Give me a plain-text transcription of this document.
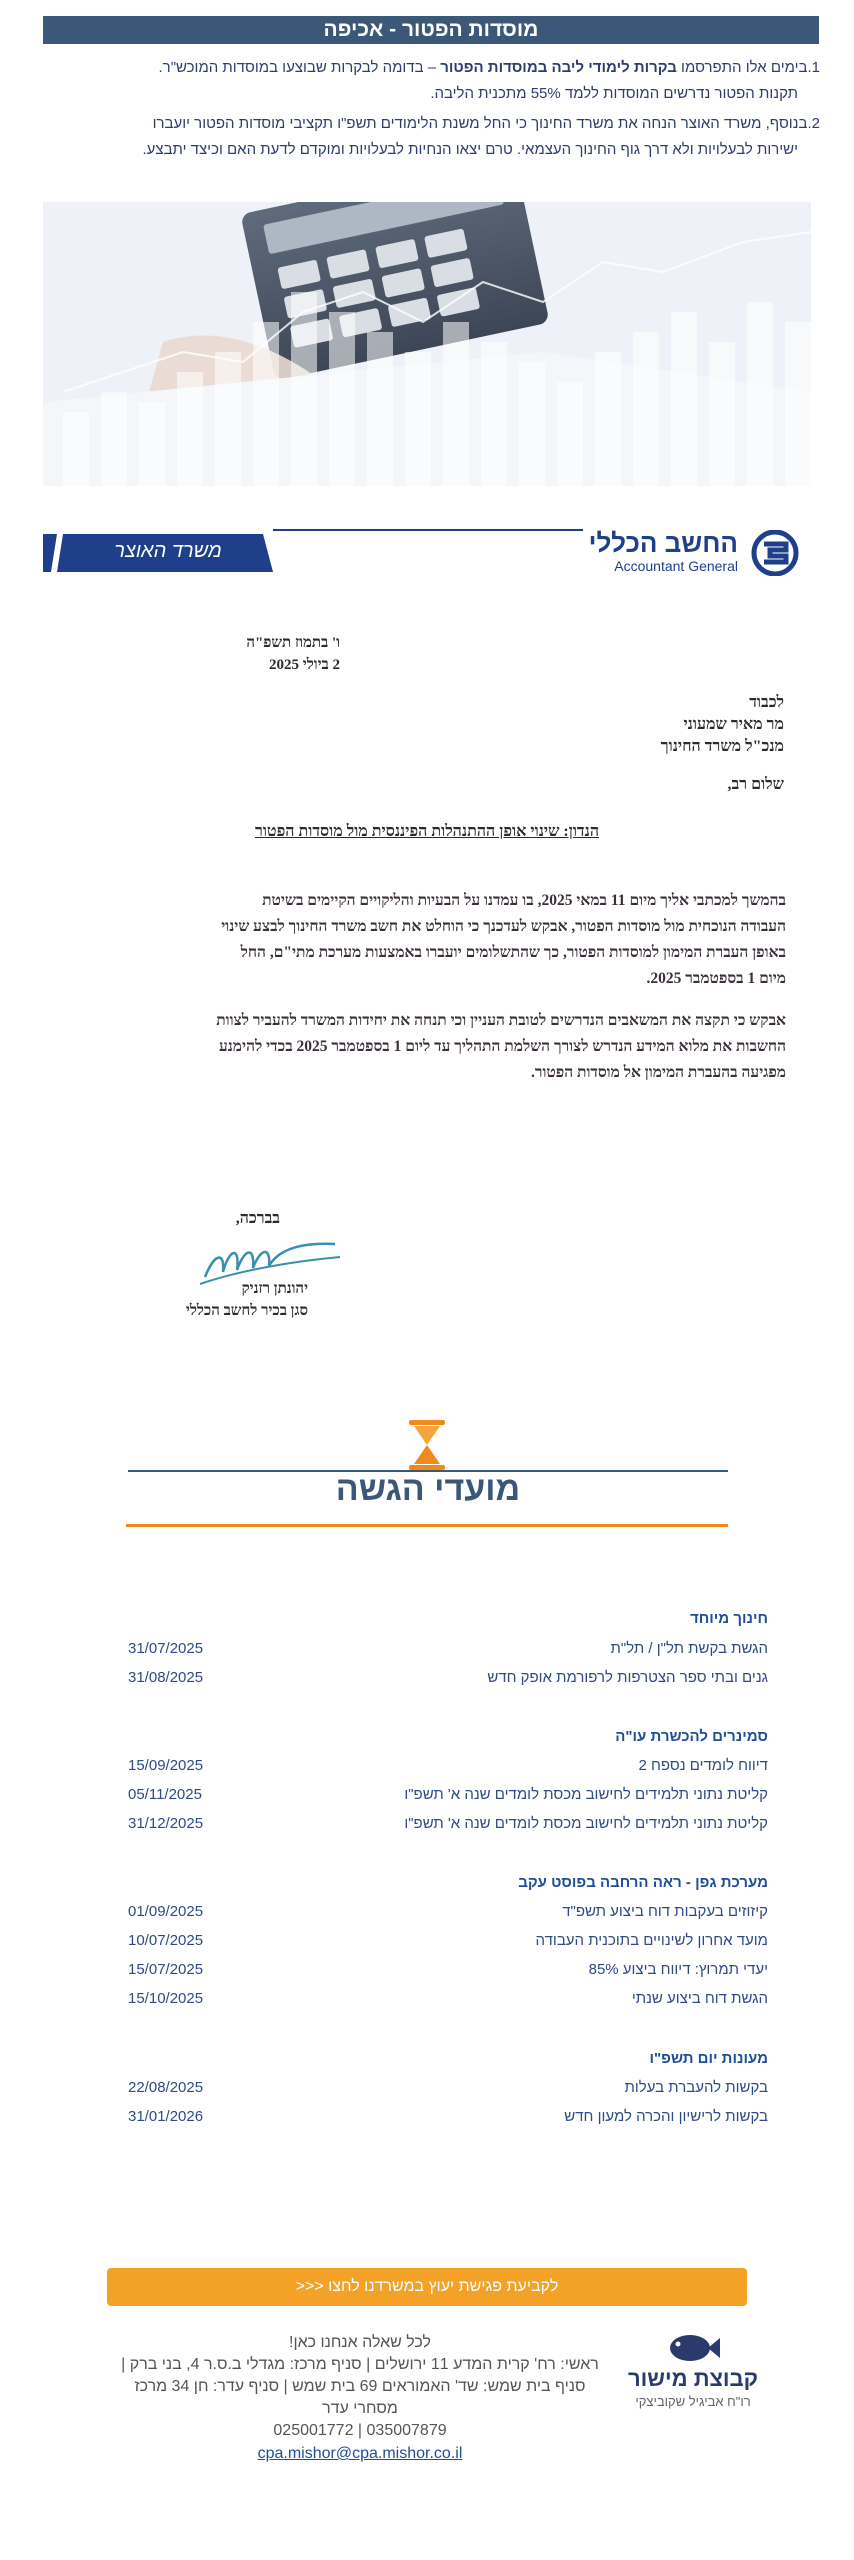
מוסדות הפטור - אכיפה
1.בימים אלו התפרסמו בקרות לימודי ליבה במוסדות הפטור – בדומה לבקרות שבוצעו במוסדות המוכש"ר.
תקנות הפטור נדרשים המוסדות ללמד 55% מתכנית הליבה.
2.בנוסף, משרד האוצר הנחה את משרד החינוך כי החל משנת הלימודים תשפ"ו תקציבי מוסדות הפטור יועברו
ישירות לבעלויות ולא דרך גוף החינוך העצמאי. טרם יצאו הנחיות לבעלויות ומוקדם לדעת האם וכיצד יתבצע.
משרד האוצר	החשב הכללי
Accountant General
ו' בתמוז תשפ"ה
2 ביולי 2025
לכבוד
מר מאיר שמעוני
מנכ"ל משרד החינוך
שלום רב,
הנדון: שינוי אופן ההתנהלות הפיננסית מול מוסדות הפטור
בהמשך למכתבי אליך מיום 11 במאי 2025, בו עמדנו על הבעיות והליקויים הקיימים בשיטת
העבודה הנוכחית מול מוסדות הפטור, אבקש לעדכנך כי הוחלט את חשב משרד החינוך לבצע שינוי
באופן העברת המימון למוסדות הפטור, כך שהתשלומים יועברו באמצעות מערכת מתי"ם, החל
מיום 1 בספטמבר 2025.
אבקש כי תקצה את המשאבים הנדרשים לטובת העניין וכי תנחה את יחידות המשרד להעביר לצוות
החשבות את מלוא המידע הנדרש לצורך השלמת התהליך עד ליום 1 בספטמבר 2025 בכדי להימנע
מפגיעה בהעברת המימון אל מוסדות הפטור.
בברכה,
יהונתן רזניק
סגן בכיר לחשב הכללי
מועדי הגשה
חינוך מיוחד
הגשת בקשת תל"ן / תל"ת
31/07/2025
גנים ובתי ספר הצטרפות לרפורמת אופק חדש
31/08/2025
סמינרים להכשרת עו"ה
דיווח לומדים נספח 2
15/09/2025
קליטת נתוני תלמידים לחישוב מכסת לומדים שנה א' תשפ"ו
05/11/2025
קליטת נתוני תלמידים לחישוב מכסת לומדים שנה א' תשפ"ו
31/12/2025
מערכת גפן - ראה הרחבה בפוסט עקב
קיזוזים בעקבות דוח ביצוע תשפ"ד
01/09/2025
מועד אחרון לשינויים בתוכנית העבודה
10/07/2025
יעדי תמרוץ: דיווח ביצוע 85%
15/07/2025
הגשת דוח ביצוע שנתי
15/10/2025
מעונות יום תשפ"ו
בקשות להעברת בעלות
22/08/2025
בקשות לרישיון והכרה למעון חדש
31/01/2026
לקביעת פגישת יעוץ במשרדנו לחצו <<<
לכל שאלה אנחנו כאן!
ראשי: רח' קרית המדע 11 ירושלים | סניף מרכז: מגדלי ב.ס.ר 4, בני ברק |
סניף בית שמש: שד' האמוראים 69 בית שמש | סניף עדר: חן 34 מרכז
מסחרי עדר
025001772 | 035007879
cpa.mishor@cpa.mishor.co.il
קבוצת מישור
רו"ח אביגיל שקוביצקי
